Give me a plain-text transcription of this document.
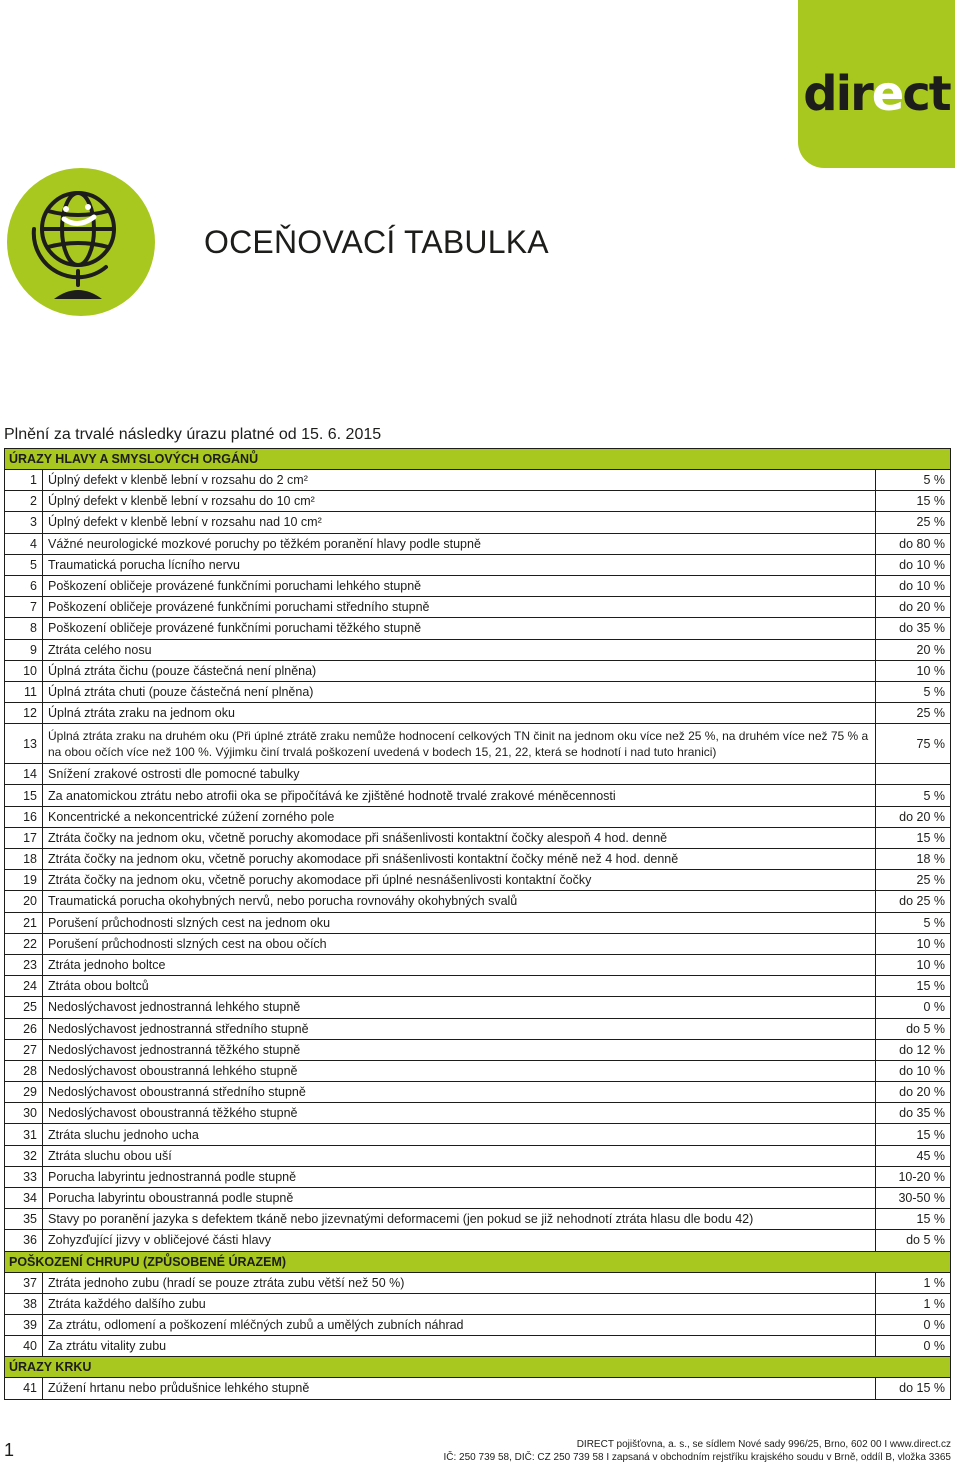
direct
OCEŇOVACÍ TABULKA
Plnění za trvalé následky úrazu platné od 15. 6. 2015
ÚRAZY HLAVY A SMYSLOVÝCH ORGÁNŮ		
1	Úplný defekt v klenbě lební v rozsahu do 2 cm²	5 %
2	Úplný defekt v klenbě lební v rozsahu do 10 cm²	15 %
3	Úplný defekt v klenbě lební v rozsahu nad 10 cm²	25 %
4	Vážné neurologické mozkové poruchy po těžkém poranění hlavy podle stupně	do 80 %
5	Traumatická porucha lícního nervu	do 10 %
6	Poškození obličeje provázené funkčními poruchami lehkého stupně	do 10 %
7	Poškození obličeje provázené funkčními poruchami středního stupně	do 20 %
8	Poškození obličeje provázené funkčními poruchami těžkého stupně	do 35 %
9	Ztráta celého nosu	20 %
10	Úplná ztráta čichu (pouze částečná není plněna)	10 %
11	Úplná ztráta chuti (pouze částečná není plněna)	5 %
12	Úplná ztráta zraku na jednom oku	25 %
13	Úplná ztráta zraku na druhém oku (Při úplné ztrátě zraku nemůže hodnocení celkových TN činit na jednom oku více než 25 %, na druhém více než 75 % a na obou očích více než 100 %. Výjimku činí trvalá poškození uvedená v bodech 15, 21, 22, která se hodnotí i nad tuto hranici)	75 %
14	Snížení zrakové ostrosti dle pomocné tabulky	
15	Za anatomickou ztrátu nebo atrofii oka se připočítává ke zjištěné hodnotě trvalé zrakové méněcennosti	5 %
16	Koncentrické a nekoncentrické zúžení zorného pole	do 20 %
17	Ztráta čočky na jednom oku, včetně poruchy akomodace při snášenlivosti kontaktní čočky alespoň 4 hod. denně	15 %
18	Ztráta čočky na jednom oku, včetně poruchy akomodace při snášenlivosti kontaktní čočky méně než 4 hod. denně	18 %
19	Ztráta čočky na jednom oku, včetně poruchy akomodace při úplné nesnášenlivosti kontaktní čočky	25 %
20	Traumatická porucha okohybných nervů, nebo porucha rovnováhy okohybných svalů	do 25 %
21	Porušení průchodnosti slzných cest na jednom oku	5 %
22	Porušení průchodnosti slzných cest na obou očích	10 %
23	Ztráta jednoho boltce	10 %
24	Ztráta obou boltců	15 %
25	Nedoslýchavost jednostranná lehkého stupně	0 %
26	Nedoslýchavost jednostranná středního stupně	do 5 %
27	Nedoslýchavost jednostranná těžkého stupně	do 12 %
28	Nedoslýchavost oboustranná lehkého stupně	do 10 %
29	Nedoslýchavost oboustranná středního stupně	do 20 %
30	Nedoslýchavost oboustranná těžkého stupně	do 35 %
31	Ztráta sluchu jednoho ucha	15 %
32	Ztráta sluchu obou uší	45 %
33	Porucha labyrintu jednostranná podle stupně	10-20 %
34	Porucha labyrintu oboustranná podle stupně	30-50 %
35	Stavy po poranění jazyka s defektem tkáně nebo jizevnatými deformacemi (jen pokud se již nehodnotí ztráta hlasu dle bodu 42)	15 %
36	Zohyzďující jizvy v obličejové části hlavy	do 5 %
POŠKOZENÍ CHRUPU (ZPŮSOBENÉ ÚRAZEM)		
37	Ztráta jednoho zubu (hradí se pouze ztráta zubu větší než 50 %)	1 %
38	Ztráta každého dalšího zubu	1 %
39	Za ztrátu, odlomení a poškození mléčných zubů a umělých zubních náhrad	0 %
40	Za ztrátu vitality zubu	0 %
ÚRAZY KRKU		
41	Zúžení hrtanu nebo průdušnice lehkého stupně	do 15 %
1	DIRECT pojišťovna, a. s., se sídlem Nové sady 996/25, Brno, 602 00 I www.direct.cz
IČ: 250 739 58, DIČ: CZ 250 739 58 I zapsaná v obchodním rejstříku krajského soudu v Brně, oddíl B, vložka 3365
